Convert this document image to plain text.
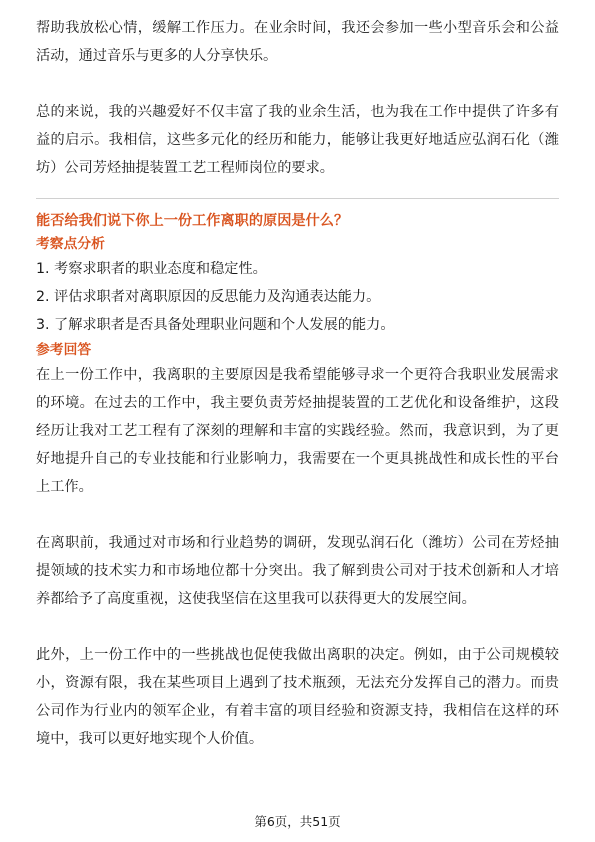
帮助我放松心情，缓解工作压力。在业余时间，我还会参加一些小型音乐会和公益活动，通过音乐与更多的人分享快乐。

总的来说，我的兴趣爱好不仅丰富了我的业余生活，也为我在工作中提供了许多有益的启示。我相信，这些多元化的经历和能力，能够让我更好地适应弘润石化（潍坊）公司芳烃抽提装置工艺工程师岗位的要求。

能否给我们说下你上一份工作离职的原因是什么？

考察点分析

1. 考察求职者的职业态度和稳定性。
2. 评估求职者对离职原因的反思能力及沟通表达能力。
3. 了解求职者是否具备处理职业问题和个人发展的能力。

参考回答

在上一份工作中，我离职的主要原因是我希望能够寻求一个更符合我职业发展需求的环境。在过去的工作中，我主要负责芳烃抽提装置的工艺优化和设备维护，这段经历让我对工艺工程有了深刻的理解和丰富的实践经验。然而，我意识到，为了更好地提升自己的专业技能和行业影响力，我需要在一个更具挑战性和成长性的平台上工作。

在离职前，我通过对市场和行业趋势的调研，发现弘润石化（潍坊）公司在芳烃抽提领域的技术实力和市场地位都十分突出。我了解到贵公司对于技术创新和人才培养都给予了高度重视，这使我坚信在这里我可以获得更大的发展空间。

此外，上一份工作中的一些挑战也促使我做出离职的决定。例如，由于公司规模较小，资源有限，我在某些项目上遇到了技术瓶颈，无法充分发挥自己的潜力。而贵公司作为行业内的领军企业，有着丰富的项目经验和资源支持，我相信在这样的环境中，我可以更好地实现个人价值。

第6页，共51页
